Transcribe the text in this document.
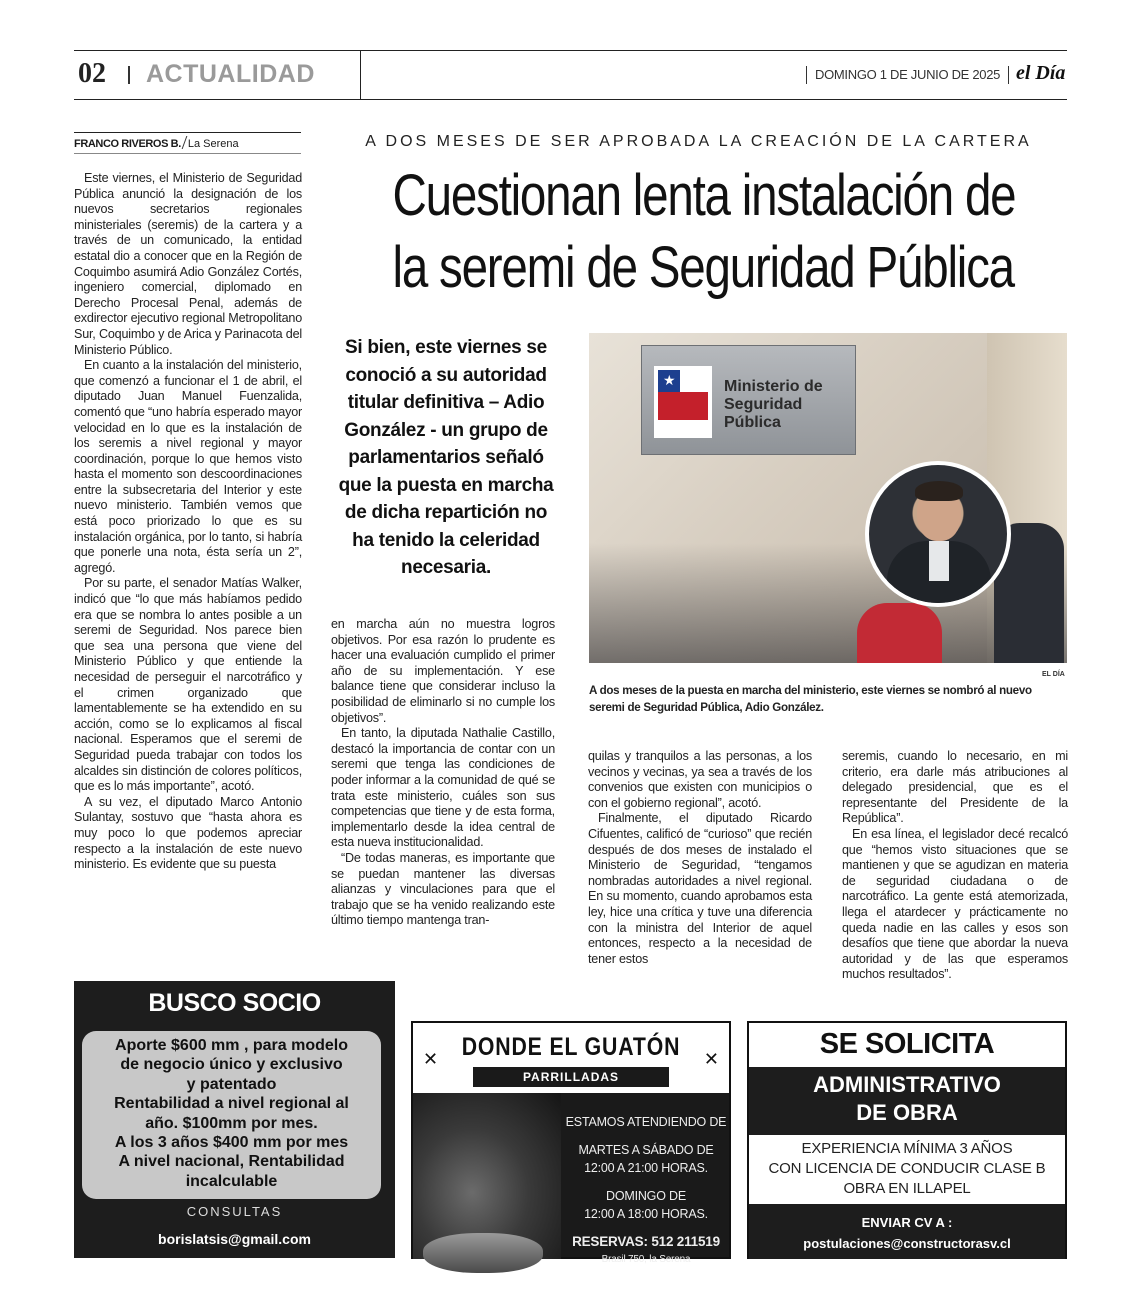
02 ACTUALIDAD	DOMINGO 1 DE JUNIO DE 2025 el Día
FRANCO RIVEROS B. La Serena	A DOS MESES DE SER APROBADA LA CREACIÓN DE LA CARTERA
Cuestionan lenta instalación de
la seremi de Seguridad Pública

Este viernes, el Ministerio de Seguridad Pública anunció la designación de los nuevos secretarios regionales ministeriales (seremis) de la cartera y a través de un comunicado, la entidad estatal dio a conocer que en la Región de Coquimbo asumirá Adio González Cortés, ingeniero comercial, diplomado en Derecho Procesal Penal, además de exdirector ejecutivo regional Metropolitano Sur, Coquimbo y de Arica y Parinacota del Ministerio Público.

En cuanto a la instalación del ministerio, que comenzó a funcionar el 1 de abril, el diputado Juan Manuel Fuenzalida, comentó que “uno habría esperado mayor velocidad en lo que es la instalación de los seremis a nivel regional y mayor coordinación, porque lo que hemos visto hasta el momento son descoordinaciones entre la subsecretaria del Interior y este nuevo ministerio. También vemos que está poco priorizado lo que es su instalación orgánica, por lo tanto, si habría que ponerle una nota, ésta sería un 2”, agregó.

Por su parte, el senador Matías Walker, indicó que “lo que más habíamos pedido era que se nombra lo antes posible a un seremi de Seguridad. Nos parece bien que sea una persona que viene del Ministerio Público y que entiende la necesidad de perseguir el narcotráfico y el crimen organizado que lamentablemente se ha extendido en su acción, como se lo explicamos al fiscal nacional. Esperamos que el seremi de Seguridad pueda trabajar con todos los alcaldes sin distinción de colores políticos, que es lo más importante”, acotó.

A su vez, el diputado Marco Antonio Sulantay, sostuvo que “hasta ahora es muy poco lo que podemos apreciar respecto a la instalación de este nuevo ministerio. Es evidente que su puesta

Si bien, este viernes se conoció a su autoridad titular definitiva – Adio González - un grupo de parlamentarios señaló que la puesta en marcha de dicha repartición no ha tenido la celeridad necesaria.

en marcha aún no muestra logros objetivos. Por esa razón lo prudente es hacer una evaluación cumplido el primer año de su implementación. Y ese balance tiene que considerar incluso la posibilidad de eliminarlo si no cumple los objetivos”.

En tanto, la diputada Nathalie Castillo, destacó la importancia de contar con un seremi que tenga las condiciones de poder informar a la comunidad de qué se trata este ministerio, cuáles son sus competencias que tiene y de esta forma, implementarlo desde la idea central de esta nueva institucionalidad.

“De todas maneras, es importante que se puedan mantener las diversas alianzas y vinculaciones para que el trabajo que se ha venido realizando este último tiempo mantenga tran-

★	Ministerio de
Seguridad
Pública
EL DÍA
A dos meses de la puesta en marcha del ministerio, este viernes se nombró al nuevo seremi de Seguridad Pública, Adio González.

quilas y tranquilos a las personas, a los vecinos y vecinas, ya sea a través de los convenios que existen con municipios o con el gobierno regional”, acotó.

Finalmente, el diputado Ricardo Cifuentes, calificó de “curioso” que recién después de dos meses de instalado el Ministerio de Seguridad, “tengamos nombradas autoridades a nivel regional. En su momento, cuando aprobamos esta ley, hice una crítica y tuve una diferencia con la ministra del Interior de aquel entonces, respecto a la necesidad de tener estos

seremis, cuando lo necesario, en mi criterio, era darle más atribuciones al delegado presidencial, que es el representante del Presidente de la República”.

En esa línea, el legislador decé recalcó que “hemos visto situaciones que se mantienen y que se agudizan en materia de seguridad ciudadana o de narcotráfico. La gente está atemorizada, llega el atardecer y prácticamente no queda nadie en las calles y esos son desafíos que tiene que abordar la nueva autoridad y de las que esperamos muchos resultados”.

BUSCO SOCIO
Aporte $600 mm , para modelo
de negocio único y exclusivo
y patentado
Rentabilidad a nivel regional al
año. $100mm por mes.
A los 3 años $400 mm por mes
A nivel nacional, Rentabilidad
incalculable
CONSULTAS
borislatsis@gmail.com
✕ DONDE EL GUATÓN	✕
PARRILLADAS
ESTAMOS ATENDIENDO DE
MARTES A SÁBADO DE
12:00 A 21:00 HORAS.
DOMINGO DE
12:00 A 18:00 HORAS.
RESERVAS: 512 211519
Brasil 750, la Serena
SE SOLICITA
ADMINISTRATIVO
DE OBRA
EXPERIENCIA MÍNIMA 3 AÑOS
CON LICENCIA DE CONDUCIR CLASE B
OBRA EN ILLAPEL
ENVIAR CV A :
postulaciones@constructorasv.cl
